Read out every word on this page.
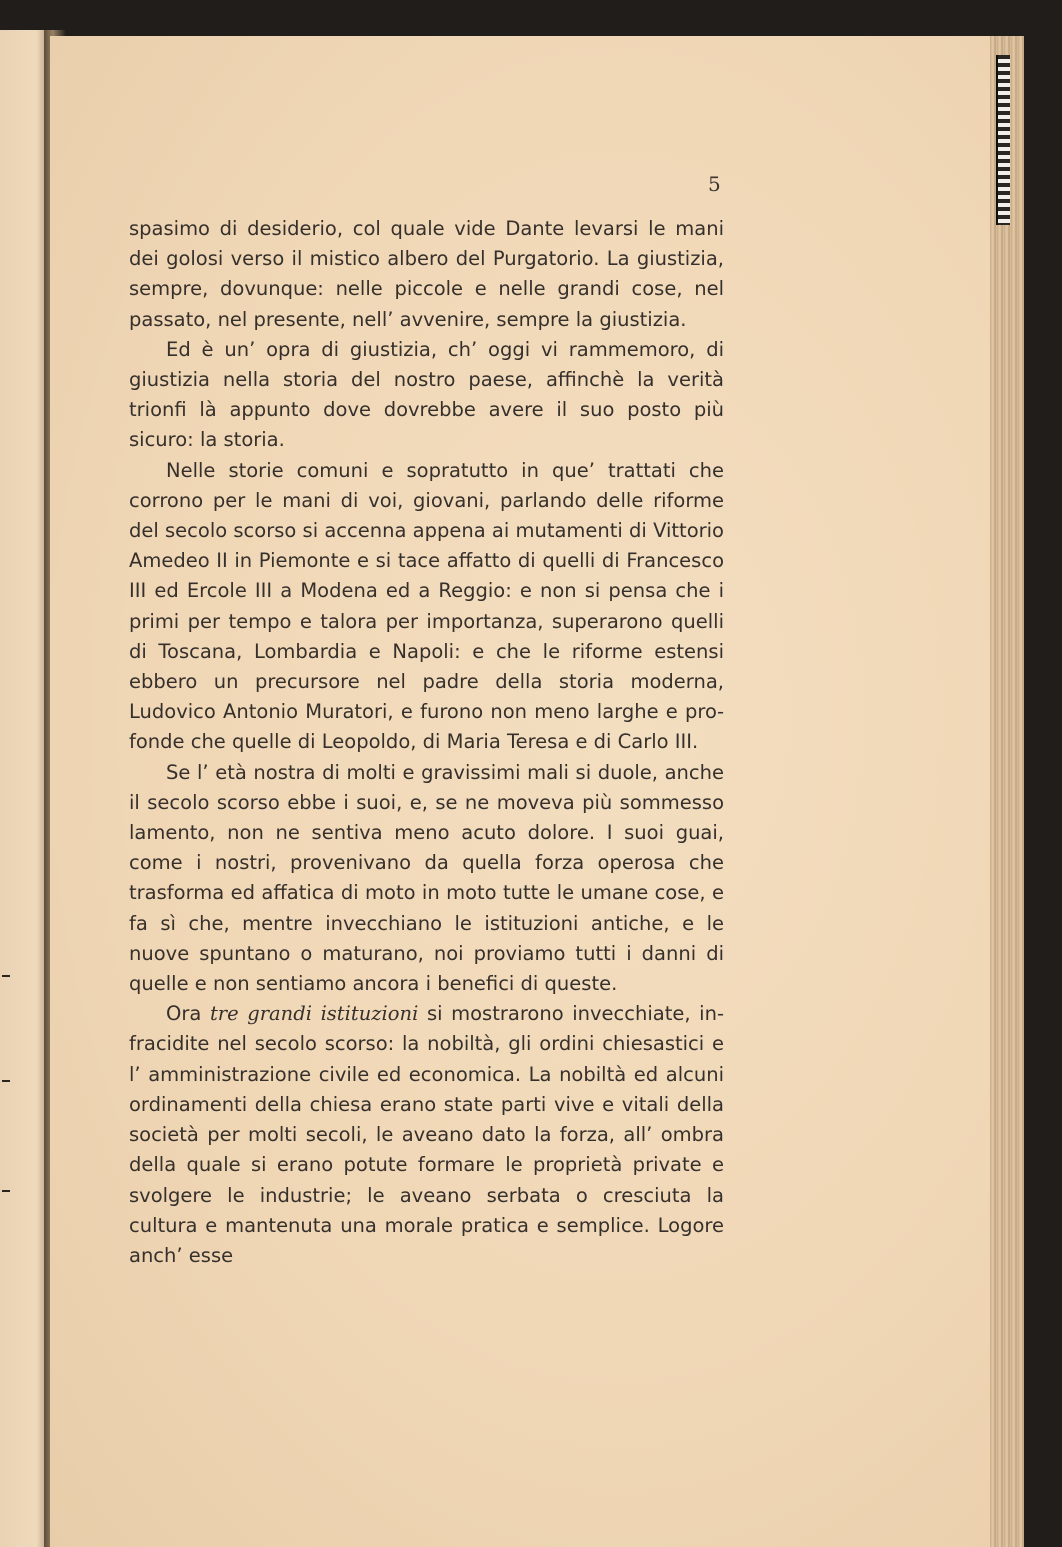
5

spasimo di desiderio, col quale vide Dante levarsi le mani dei golosi verso il mistico albero del Purgatorio. La giustizia, sempre, dovunque: nelle piccole e nelle grandi cose, nel passato, nel presente, nell’ avvenire, sempre la giustizia.

Ed è un’ opra di giustizia, ch’ oggi vi rammemoro, di giustizia nella storia del nostro paese, affinchè la verità trionfi là appunto dove dovrebbe avere il suo posto più sicuro: la storia.

Nelle storie comuni e sopratutto in que’ trattati che corrono per le mani di voi, giovani, parlando delle riforme del secolo scorso si accenna appena ai mutamenti di Vittorio Amedeo II in Piemonte e si tace affatto di quelli di Francesco III ed Ercole III a Modena ed a Reggio: e non si pensa che i primi per tempo e talora per importanza, superarono quelli di Toscana, Lombardia e Napoli: e che le riforme estensi ebbero un precursore nel padre della storia moderna, Ludovico Antonio Muratori, e furono non meno larghe e profonde che quelle di Leopoldo, di Maria Teresa e di Carlo III.

Se l’ età nostra di molti e gravissimi mali si duole, anche il secolo scorso ebbe i suoi, e, se ne moveva più sommesso lamento, non ne sentiva meno acuto dolore. I suoi guai, come i nostri, provenivano da quella forza operosa che trasforma ed affatica di moto in moto tutte le umane cose, e fa sì che, mentre invecchiano le istituzioni antiche, e le nuove spuntano o maturano, noi proviamo tutti i danni di quelle e non sentiamo ancora i benefici di queste.

Ora tre grandi istituzioni si mostrarono invecchiate, infracidite nel secolo scorso: la nobiltà, gli ordini chiesastici e l’ amministrazione civile ed economica. La nobiltà ed alcuni ordinamenti della chiesa erano state parti vive e vitali della società per molti secoli, le aveano dato la forza, all’ ombra della quale si erano potute formare le proprietà private e svolgere le industrie; le aveano serbata o cresciuta la cultura e mantenuta una morale pratica e semplice. Logore anch’ esse
